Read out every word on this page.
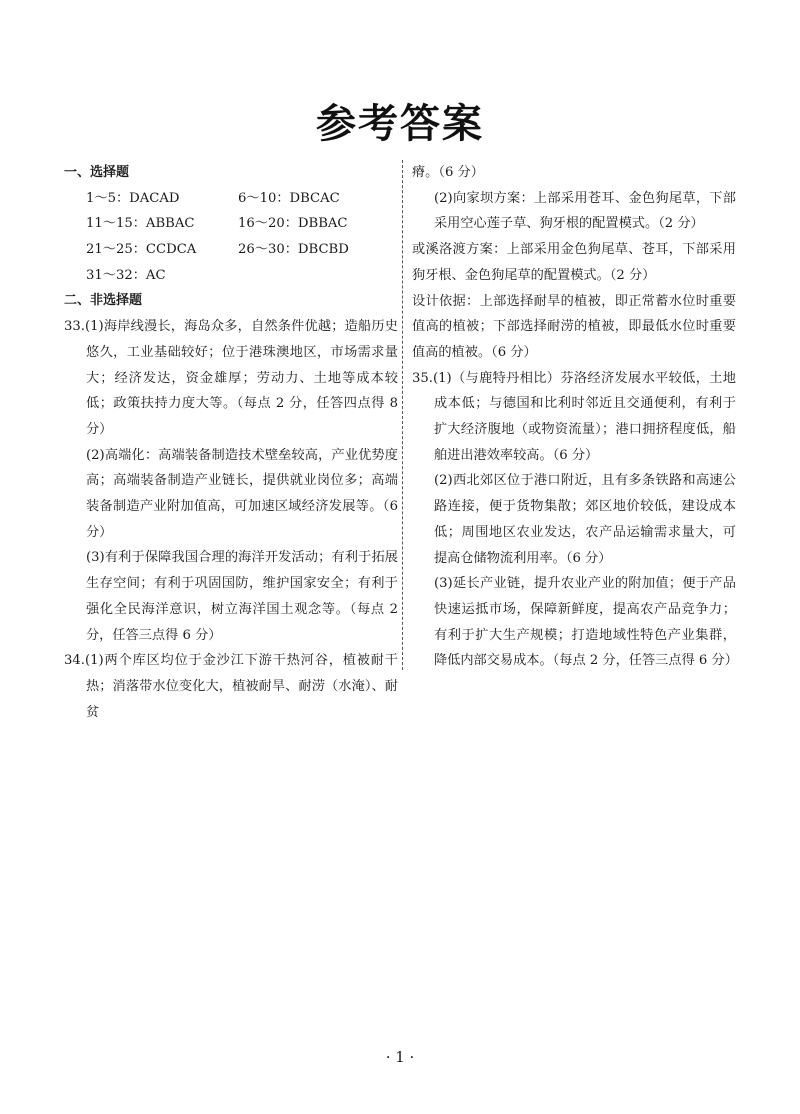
参考答案

一、选择题

1～5：DACAD	6～10：DBCAC
11～15：ABBAC	16～20：DBBAC
21～25：CCDCA	26～30：DBCBD
31～32：AC

二、非选择题

33.(1)海岸线漫长，海岛众多，自然条件优越；造船历史悠久，工业基础较好；位于港珠澳地区，市场需求量大；经济发达，资金雄厚；劳动力、土地等成本较低；政策扶持力度大等。（每点 2 分，任答四点得 8 分）

(2)高端化：高端装备制造技术壁垒较高，产业优势度高；高端装备制造产业链长，提供就业岗位多；高端装备制造产业附加值高，可加速区域经济发展等。（6 分）

(3)有利于保障我国合理的海洋开发活动；有利于拓展生存空间；有利于巩固国防，维护国家安全；有利于强化全民海洋意识，树立海洋国土观念等。（每点 2 分，任答三点得 6 分）

34.(1)两个库区均位于金沙江下游干热河谷，植被耐干热；消落带水位变化大，植被耐旱、耐涝（水淹）、耐贫

瘠。（6 分）

(2)向家坝方案：上部采用苍耳、金色狗尾草，下部采用空心莲子草、狗牙根的配置模式。（2 分）

或溪洛渡方案：上部采用金色狗尾草、苍耳，下部采用狗牙根、金色狗尾草的配置模式。（2 分）

设计依据：上部选择耐旱的植被，即正常蓄水位时重要值高的植被；下部选择耐涝的植被，即最低水位时重要值高的植被。（6 分）

35.(1)（与鹿特丹相比）芬洛经济发展水平较低，土地成本低；与德国和比利时邻近且交通便利，有利于扩大经济腹地（或物资流量）；港口拥挤程度低，船舶进出港效率较高。（6 分）

(2)西北郊区位于港口附近，且有多条铁路和高速公路连接，便于货物集散；郊区地价较低，建设成本低；周围地区农业发达，农产品运输需求量大，可提高仓储物流利用率。（6 分）

(3)延长产业链，提升农业产业的附加值；便于产品快速运抵市场，保障新鲜度，提高农产品竞争力；有利于扩大生产规模；打造地域性特色产业集群，降低内部交易成本。（每点 2 分，任答三点得 6 分）

· 1 ·
